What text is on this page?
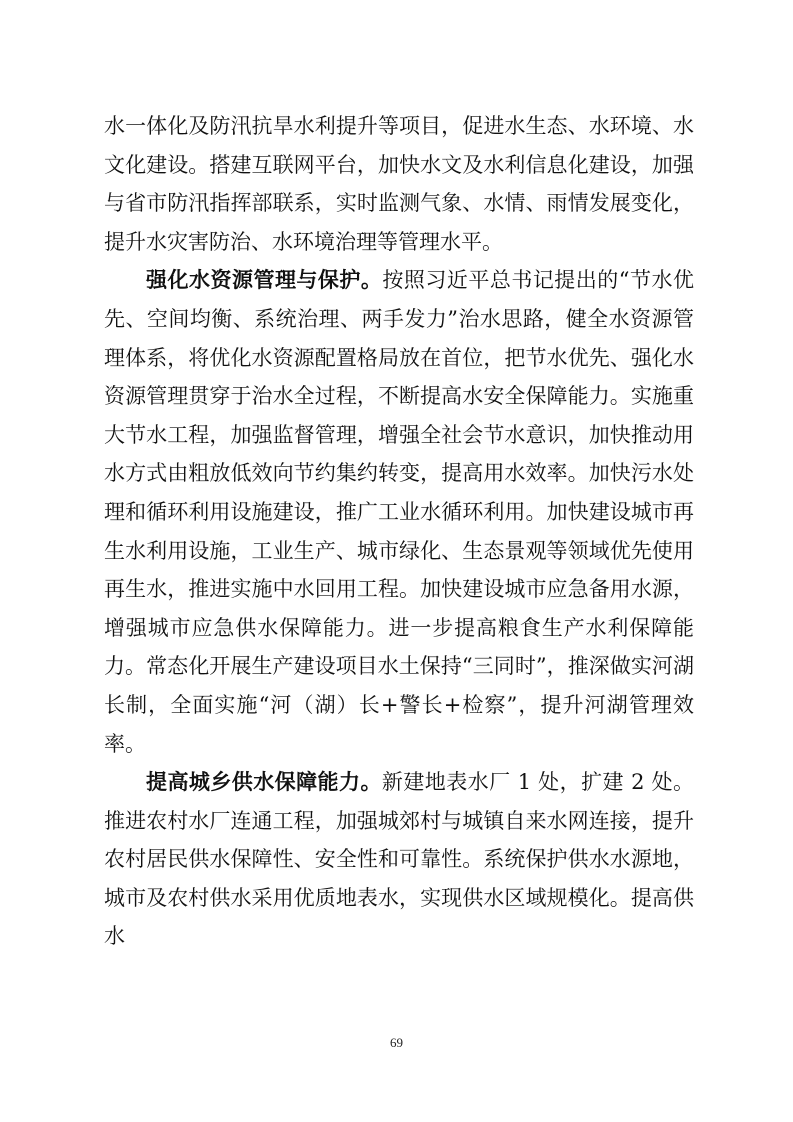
水一体化及防汛抗旱水利提升等项目，促进水生态、水环境、水文化建设。搭建互联网平台，加快水文及水利信息化建设，加强与省市防汛指挥部联系，实时监测气象、水情、雨情发展变化，提升水灾害防治、水环境治理等管理水平。

强化水资源管理与保护。按照习近平总书记提出的“节水优先、空间均衡、系统治理、两手发力”治水思路，健全水资源管理体系，将优化水资源配置格局放在首位，把节水优先、强化水资源管理贯穿于治水全过程，不断提高水安全保障能力。实施重大节水工程，加强监督管理，增强全社会节水意识，加快推动用水方式由粗放低效向节约集约转变，提高用水效率。加快污水处理和循环利用设施建设，推广工业水循环利用。加快建设城市再生水利用设施，工业生产、城市绿化、生态景观等领域优先使用再生水，推进实施中水回用工程。加快建设城市应急备用水源，增强城市应急供水保障能力。进一步提高粮食生产水利保障能力。常态化开展生产建设项目水土保持“三同时”，推深做实河湖长制，全面实施“河（湖）长+警长+检察”，提升河湖管理效率。

提高城乡供水保障能力。新建地表水厂 1 处，扩建 2 处。推进农村水厂连通工程，加强城郊村与城镇自来水网连接，提升农村居民供水保障性、安全性和可靠性。系统保护供水水源地，城市及农村供水采用优质地表水，实现供水区域规模化。提高供水

69
